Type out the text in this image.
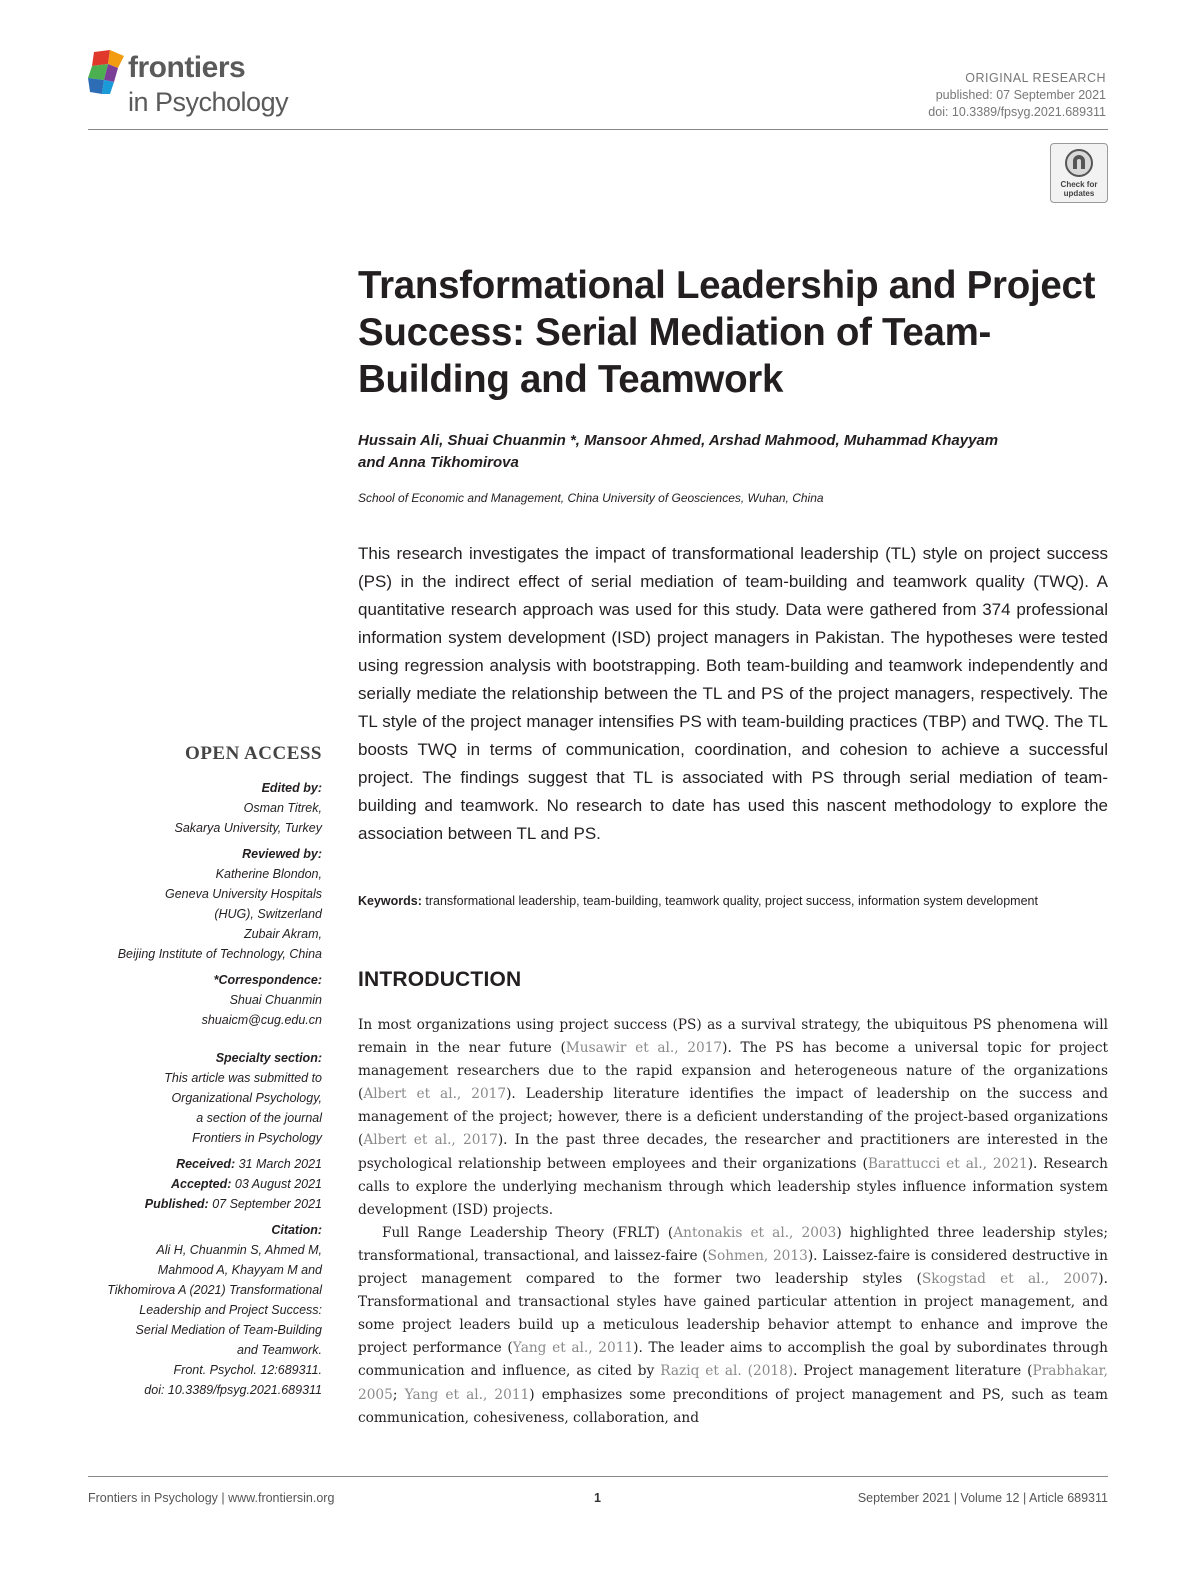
frontiers
in Psychology
ORIGINAL RESEARCH
published: 07 September 2021
doi: 10.3389/fpsyg.2021.689311
Check for
updates
Transformational Leadership and Project Success: Serial Mediation of Team-Building and Teamwork
Hussain Ali, Shuai Chuanmin *, Mansoor Ahmed, Arshad Mahmood, Muhammad Khayyam
and Anna Tikhomirova
School of Economic and Management, China University of Geosciences, Wuhan, China

This research investigates the impact of transformational leadership (TL) style on project success (PS) in the indirect effect of serial mediation of team-building and teamwork quality (TWQ). A quantitative research approach was used for this study. Data were gathered from 374 professional information system development (ISD) project managers in Pakistan. The hypotheses were tested using regression analysis with bootstrapping. Both team-building and teamwork independently and serially mediate the relationship between the TL and PS of the project managers, respectively. The TL style of the project manager intensifies PS with team-building practices (TBP) and TWQ. The TL boosts TWQ in terms of communication, coordination, and cohesion to achieve a successful project. The findings suggest that TL is associated with PS through serial mediation of team-building and teamwork. No research to date has used this nascent methodology to explore the association between TL and PS.

Keywords: transformational leadership, team-building, teamwork quality, project success, information system development
INTRODUCTION

In most organizations using project success (PS) as a survival strategy, the ubiquitous PS phenomena will remain in the near future (Musawir et al., 2017). The PS has become a universal topic for project management researchers due to the rapid expansion and heterogeneous nature of the organizations (Albert et al., 2017). Leadership literature identifies the impact of leadership on the success and management of the project; however, there is a deficient understanding of the project-based organizations (Albert et al., 2017). In the past three decades, the researcher and practitioners are interested in the psychological relationship between employees and their organizations (Barattucci et al., 2021). Research calls to explore the underlying mechanism through which leadership styles influence information system development (ISD) projects.

Full Range Leadership Theory (FRLT) (Antonakis et al., 2003) highlighted three leadership styles; transformational, transactional, and laissez-faire (Sohmen, 2013). Laissez-faire is considered destructive in project management compared to the former two leadership styles (Skogstad et al., 2007). Transformational and transactional styles have gained particular attention in project management, and some project leaders build up a meticulous leadership behavior attempt to enhance and improve the project performance (Yang et al., 2011). The leader aims to accomplish the goal by subordinates through communication and influence, as cited by Raziq et al. (2018). Project management literature (Prabhakar, 2005; Yang et al., 2011) emphasizes some preconditions of project management and PS, such as team communication, cohesiveness, collaboration, and

OPEN ACCESS
Edited by:
Osman Titrek,
Sakarya University, Turkey
Reviewed by:
Katherine Blondon,
Geneva University Hospitals
(HUG), Switzerland
Zubair Akram,
Beijing Institute of Technology, China
*Correspondence:
Shuai Chuanmin
shuaicm@cug.edu.cn
Specialty section:
This article was submitted to
Organizational Psychology,
a section of the journal
Frontiers in Psychology
Received: 31 March 2021
Accepted: 03 August 2021
Published: 07 September 2021
Citation:
Ali H, Chuanmin S, Ahmed M,
Mahmood A, Khayyam M and
Tikhomirova A (2021) Transformational
Leadership and Project Success:
Serial Mediation of Team-Building
and Teamwork.
Front. Psychol. 12:689311.
doi: 10.3389/fpsyg.2021.689311
Frontiers in Psychology | www.frontiersin.org	1	September 2021 | Volume 12 | Article 689311
